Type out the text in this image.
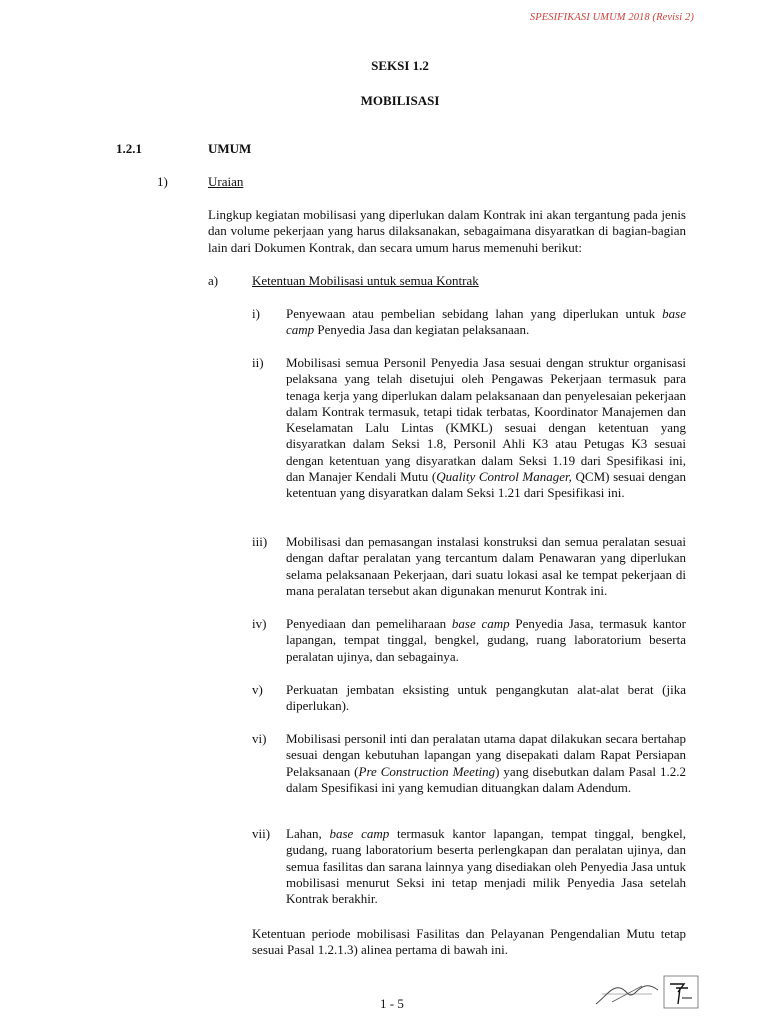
SPESIFIKASI UMUM 2018 (Revisi 2)
SEKSI 1.2
MOBILISASI
1.2.1	UMUM
1)	Uraian

Lingkup kegiatan mobilisasi yang diperlukan dalam Kontrak ini akan tergantung pada jenis dan volume pekerjaan yang harus dilaksanakan, sebagaimana disyaratkan di bagian-bagian lain dari Dokumen Kontrak, dan secara umum harus memenuhi berikut:

a)	Ketentuan Mobilisasi untuk semua Kontrak
i) Penyewaan atau pembelian sebidang lahan yang diperlukan untuk base camp Penyedia Jasa dan kegiatan pelaksanaan.
ii) Mobilisasi semua Personil Penyedia Jasa sesuai dengan struktur organisasi pelaksana yang telah disetujui oleh Pengawas Pekerjaan termasuk para tenaga kerja yang diperlukan dalam pelaksanaan dan penyelesaian pekerjaan dalam Kontrak termasuk, tetapi tidak terbatas, Koordinator Manajemen dan Keselamatan Lalu Lintas (KMKL) sesuai dengan ketentuan yang disyaratkan dalam Seksi 1.8, Personil Ahli K3 atau Petugas K3 sesuai dengan ketentuan yang disyaratkan dalam Seksi 1.19 dari Spesifikasi ini, dan Manajer Kendali Mutu (Quality Control Manager, QCM) sesuai dengan ketentuan yang disyaratkan dalam Seksi 1.21 dari Spesifikasi ini.
iii) Mobilisasi dan pemasangan instalasi konstruksi dan semua peralatan sesuai dengan daftar peralatan yang tercantum dalam Penawaran yang diperlukan selama pelaksanaan Pekerjaan, dari suatu lokasi asal ke tempat pekerjaan di mana peralatan tersebut akan digunakan menurut Kontrak ini.
iv) Penyediaan dan pemeliharaan base camp Penyedia Jasa, termasuk kantor lapangan, tempat tinggal, bengkel, gudang, ruang laboratorium beserta peralatan ujinya, dan sebagainya.
v) Perkuatan jembatan eksisting untuk pengangkutan alat-alat berat (jika diperlukan).
vi) Mobilisasi personil inti dan peralatan utama dapat dilakukan secara bertahap sesuai dengan kebutuhan lapangan yang disepakati dalam Rapat Persiapan Pelaksanaan (Pre Construction Meeting) yang disebutkan dalam Pasal 1.2.2 dalam Spesifikasi ini yang kemudian dituangkan dalam Adendum.
vii) Lahan, base camp termasuk kantor lapangan, tempat tinggal, bengkel, gudang, ruang laboratorium beserta perlengkapan dan peralatan ujinya, dan semua fasilitas dan sarana lainnya yang disediakan oleh Penyedia Jasa untuk mobilisasi menurut Seksi ini tetap menjadi milik Penyedia Jasa setelah Kontrak berakhir.

Ketentuan periode mobilisasi Fasilitas dan Pelayanan Pengendalian Mutu tetap sesuai Pasal 1.2.1.3) alinea pertama di bawah ini.

1 - 5
